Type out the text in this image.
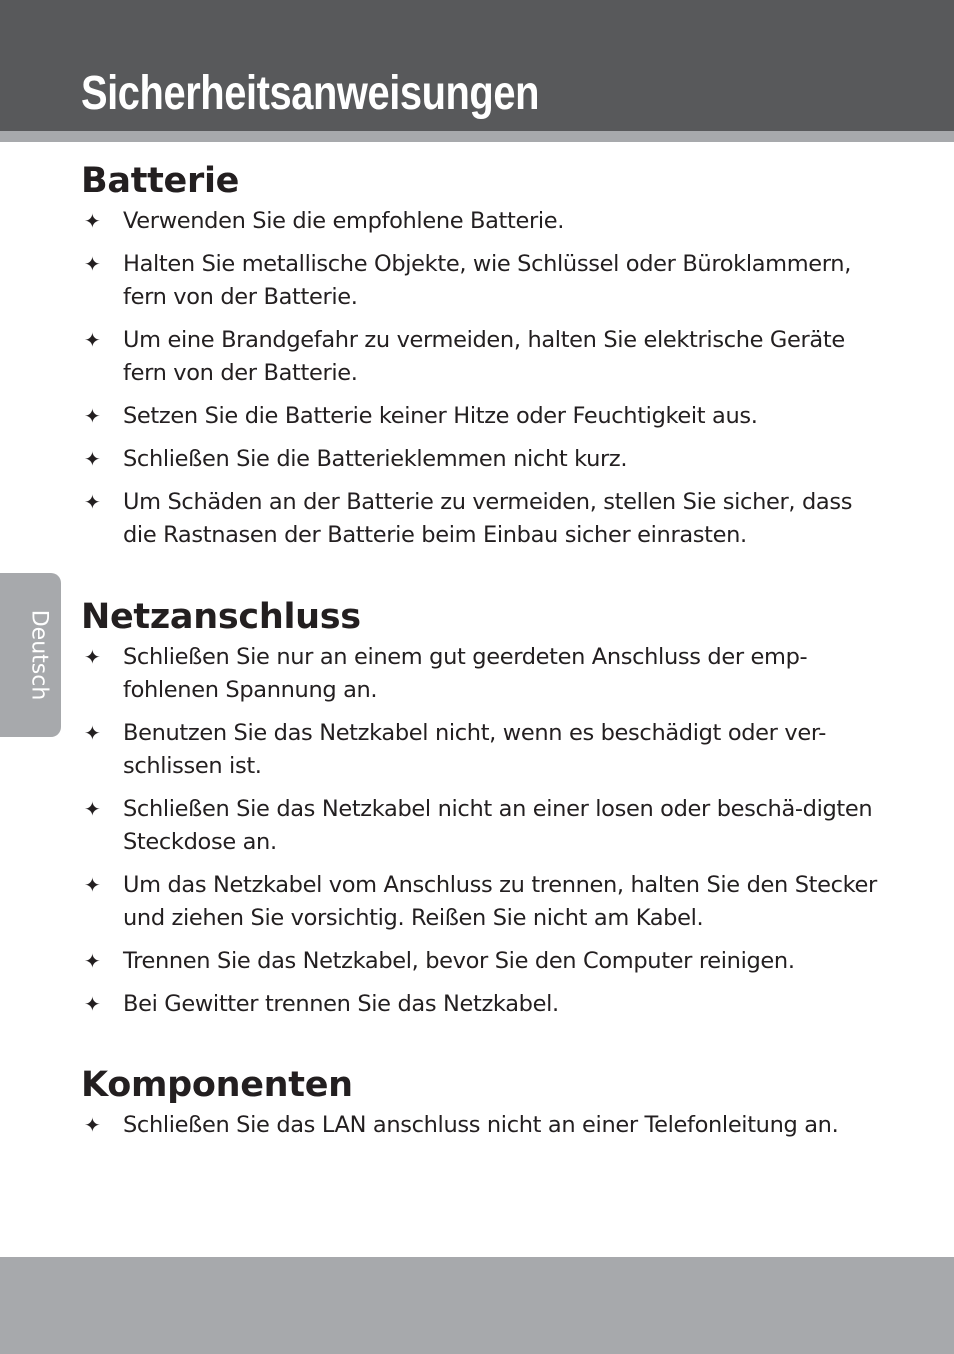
Sicherheitsanweisungen
Deutsch
Batterie
✦ Verwenden Sie die empfohlene Batterie.
✦ Halten Sie metallische Objekte, wie Schlüssel oder Büroklammern, fern von der Batterie.
✦ Um eine Brandgefahr zu vermeiden, halten Sie elektrische Geräte fern von der Batterie.
✦ Setzen Sie die Batterie keiner Hitze oder Feuchtigkeit aus.
✦ Schließen Sie die Batterieklemmen nicht kurz.
✦ Um Schäden an der Batterie zu vermeiden, stellen Sie sicher, dass die Rastnasen der Batterie beim Einbau sicher einrasten.
Netzanschluss
✦ Schließen Sie nur an einem gut geerdeten Anschluss der emp-fohlenen Spannung an.
✦ Benutzen Sie das Netzkabel nicht, wenn es beschädigt oder ver-schlissen ist.
✦ Schließen Sie das Netzkabel nicht an einer losen oder beschä-digten Steckdose an.
✦ Um das Netzkabel vom Anschluss zu trennen, halten Sie den Stecker und ziehen Sie vorsichtig. Reißen Sie nicht am Kabel.
✦ Trennen Sie das Netzkabel, bevor Sie den Computer reinigen.
✦ Bei Gewitter trennen Sie das Netzkabel.
Komponenten
✦ Schließen Sie das LAN anschluss nicht an einer Telefonleitung an.
